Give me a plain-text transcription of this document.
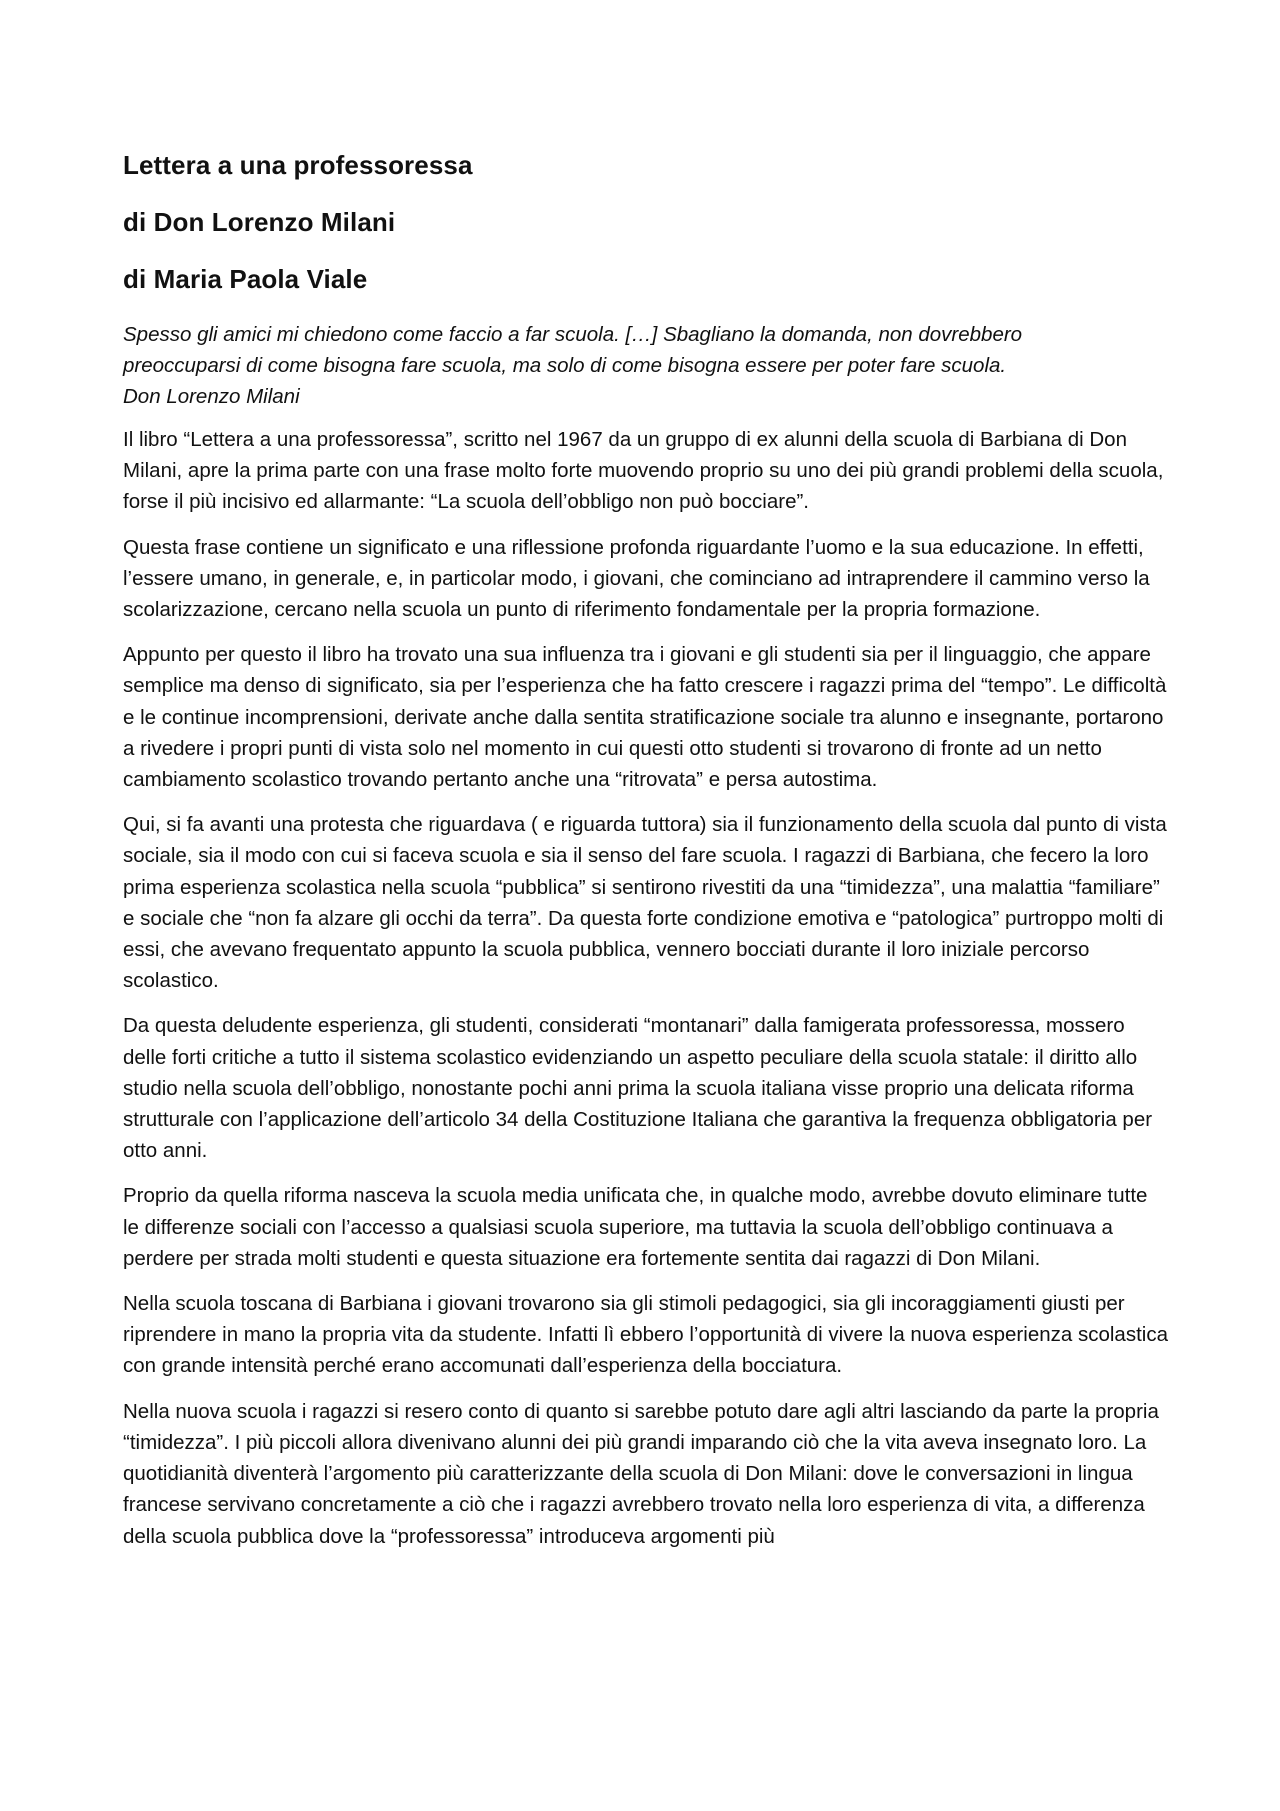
Lettera a una professoressa
di Don Lorenzo Milani
di Maria Paola Viale
Spesso gli amici mi chiedono come faccio a far scuola. […] Sbagliano la domanda, non dovrebbero
preoccuparsi di come bisogna fare scuola, ma solo di come bisogna essere per poter fare scuola.
Don Lorenzo Milani

Il libro “Lettera a una professoressa”, scritto nel 1967 da un gruppo di ex alunni della scuola di Barbiana di Don Milani, apre la prima parte con una frase molto forte muovendo proprio su uno dei più grandi problemi della scuola, forse il più incisivo ed allarmante: “La scuola dell’obbligo non può bocciare”.

Questa frase contiene un significato e una riflessione profonda riguardante l’uomo e la sua educazione. In effetti, l’essere umano, in generale, e, in particolar modo, i giovani, che cominciano ad intraprendere il cammino verso la scolarizzazione, cercano nella scuola un punto di riferimento fondamentale per la propria formazione.

Appunto per questo il libro ha trovato una sua influenza tra i giovani e gli studenti sia per il linguaggio, che appare semplice ma denso di significato, sia per l’esperienza che ha fatto crescere i ragazzi prima del “tempo”. Le difficoltà e le continue incomprensioni, derivate anche dalla sentita stratificazione sociale tra alunno e insegnante, portarono a rivedere i propri punti di vista solo nel momento in cui questi otto studenti si trovarono di fronte ad un netto cambiamento scolastico trovando pertanto anche una “ritrovata” e persa autostima.

Qui, si fa avanti una protesta che riguardava ( e riguarda tuttora) sia il funzionamento della scuola dal punto di vista sociale, sia il modo con cui si faceva scuola e sia il senso del fare scuola. I ragazzi di Barbiana, che fecero la loro prima esperienza scolastica nella scuola “pubblica” si sentirono rivestiti da una “timidezza”, una malattia “familiare” e sociale che “non fa alzare gli occhi da terra”. Da questa forte condizione emotiva e “patologica” purtroppo molti di essi, che avevano frequentato appunto la scuola pubblica, vennero bocciati durante il loro iniziale percorso scolastico.

Da questa deludente esperienza, gli studenti, considerati “montanari” dalla famigerata professoressa, mossero delle forti critiche a tutto il sistema scolastico evidenziando un aspetto peculiare della scuola statale: il diritto allo studio nella scuola dell’obbligo, nonostante pochi anni prima la scuola italiana visse proprio una delicata riforma strutturale con l’applicazione dell’articolo 34 della Costituzione Italiana che garantiva la frequenza obbligatoria per otto anni.

Proprio da quella riforma nasceva la scuola media unificata che, in qualche modo, avrebbe dovuto eliminare tutte le differenze sociali con l’accesso a qualsiasi scuola superiore, ma tuttavia la scuola dell’obbligo continuava a perdere per strada molti studenti e questa situazione era fortemente sentita dai ragazzi di Don Milani.

Nella scuola toscana di Barbiana i giovani trovarono sia gli stimoli pedagogici, sia gli incoraggiamenti giusti per riprendere in mano la propria vita da studente. Infatti lì ebbero l’opportunità di vivere la nuova esperienza scolastica con grande intensità perché erano accomunati dall’esperienza della bocciatura.

Nella nuova scuola i ragazzi si resero conto di quanto si sarebbe potuto dare agli altri lasciando da parte la propria “timidezza”. I più piccoli allora divenivano alunni dei più grandi imparando ciò che la vita aveva insegnato loro. La quotidianità diventerà l’argomento più caratterizzante della scuola di Don Milani: dove le conversazioni in lingua francese servivano concretamente a ciò che i ragazzi avrebbero trovato nella loro esperienza di vita, a differenza della scuola pubblica dove la “professoressa” introduceva argomenti più
